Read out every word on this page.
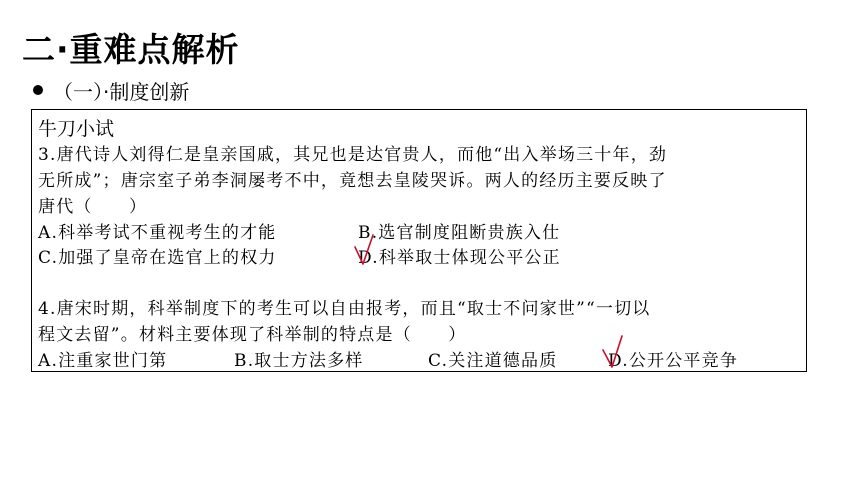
二·重难点解析
（一）·制度创新
牛刀小试
3.唐代诗人刘得仁是皇亲国戚，其兄也是达官贵人，而他“出入举场三十年，劲
无所成”；唐宗室子弟李洞屡考不中，竟想去皇陵哭诉。两人的经历主要反映了
唐代（　　）
A.科举考试不重视考生的才能	B.选官制度阻断贵族入仕
C.加强了皇帝在选官上的权力	D.科举取士体现公平公正
4.唐宋时期，科举制度下的考生可以自由报考，而且“取士不问家世”“一切以
程文去留”。材料主要体现了科举制的特点是（　　）
A.注重家世门第	B.取士方法多样	C.关注道德品质	D.公开公平竞争
